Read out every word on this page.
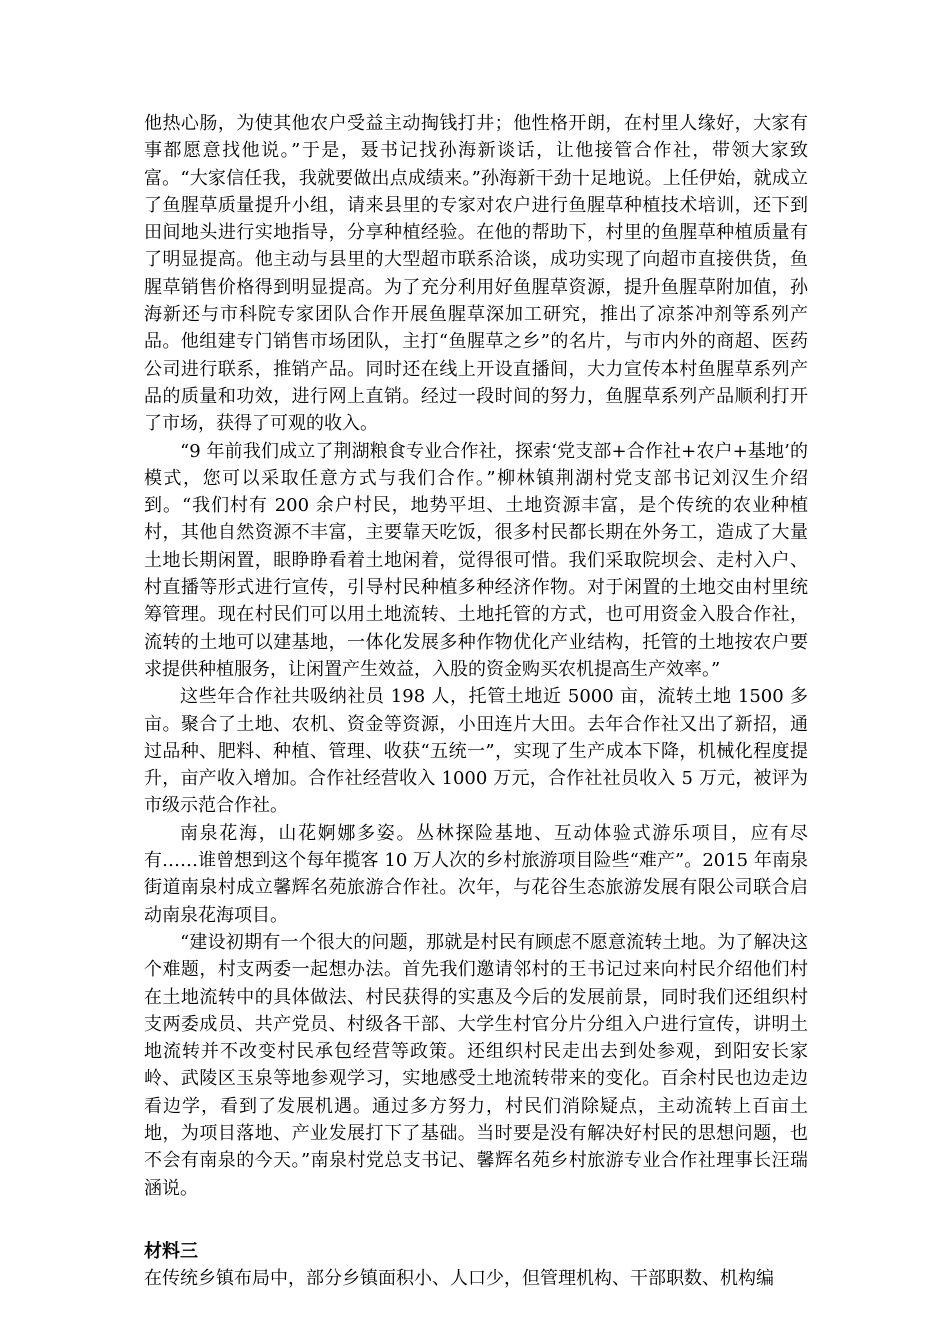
他热心肠，为使其他农户受益主动掏钱打井；他性格开朗，在村里人缘好，大家有事都愿意找他说。”于是，聂书记找孙海新谈话，让他接管合作社，带领大家致富。“大家信任我，我就要做出点成绩来。”孙海新干劲十足地说。上任伊始，就成立了鱼腥草质量提升小组，请来县里的专家对农户进行鱼腥草种植技术培训，还下到田间地头进行实地指导，分享种植经验。在他的帮助下，村里的鱼腥草种植质量有了明显提高。他主动与县里的大型超市联系洽谈，成功实现了向超市直接供货，鱼腥草销售价格得到明显提高。为了充分利用好鱼腥草资源，提升鱼腥草附加值，孙海新还与市科院专家团队合作开展鱼腥草深加工研究，推出了凉茶冲剂等系列产品。他组建专门销售市场团队，主打“鱼腥草之乡”的名片，与市内外的商超、医药公司进行联系，推销产品。同时还在线上开设直播间，大力宣传本村鱼腥草系列产品的质量和功效，进行网上直销。经过一段时间的努力，鱼腥草系列产品顺利打开了市场，获得了可观的收入。

“9 年前我们成立了荆湖粮食专业合作社，探索‘党支部+合作社+农户+基地’的模式，您可以采取任意方式与我们合作。”柳林镇荆湖村党支部书记刘汉生介绍到。“我们村有 200 余户村民，地势平坦、土地资源丰富，是个传统的农业种植村，其他自然资源不丰富，主要靠天吃饭，很多村民都长期在外务工，造成了大量土地长期闲置，眼睁睁看着土地闲着，觉得很可惜。我们采取院坝会、走村入户、村直播等形式进行宣传，引导村民种植多种经济作物。对于闲置的土地交由村里统筹管理。现在村民们可以用土地流转、土地托管的方式，也可用资金入股合作社，流转的土地可以建基地，一体化发展多种作物优化产业结构，托管的土地按农户要求提供种植服务，让闲置产生效益，入股的资金购买农机提高生产效率。”

这些年合作社共吸纳社员 198 人，托管土地近 5000 亩，流转土地 1500 多亩。聚合了土地、农机、资金等资源，小田连片大田。去年合作社又出了新招，通过品种、肥料、种植、管理、收获“五统一”，实现了生产成本下降，机械化程度提升，亩产收入增加。合作社经营收入 1000 万元，合作社社员收入 5 万元，被评为市级示范合作社。

南泉花海，山花婀娜多姿。丛林探险基地、互动体验式游乐项目，应有尽有……谁曾想到这个每年揽客 10 万人次的乡村旅游项目险些“难产”。2015 年南泉街道南泉村成立馨辉名苑旅游合作社。次年，与花谷生态旅游发展有限公司联合启动南泉花海项目。

“建设初期有一个很大的问题，那就是村民有顾虑不愿意流转土地。为了解决这个难题，村支两委一起想办法。首先我们邀请邻村的王书记过来向村民介绍他们村在土地流转中的具体做法、村民获得的实惠及今后的发展前景，同时我们还组织村支两委成员、共产党员、村级各干部、大学生村官分片分组入户进行宣传，讲明土地流转并不改变村民承包经营等政策。还组织村民走出去到处参观，到阳安长家岭、武陵区玉泉等地参观学习，实地感受土地流转带来的变化。百余村民也边走边看边学，看到了发展机遇。通过多方努力，村民们消除疑点，主动流转上百亩土地，为项目落地、产业发展打下了基础。当时要是没有解决好村民的思想问题，也不会有南泉的今天。”南泉村党总支书记、馨辉名苑乡村旅游专业合作社理事长汪瑞涵说。

材料三

在传统乡镇布局中，部分乡镇面积小、人口少，但管理机构、干部职数、机构编
